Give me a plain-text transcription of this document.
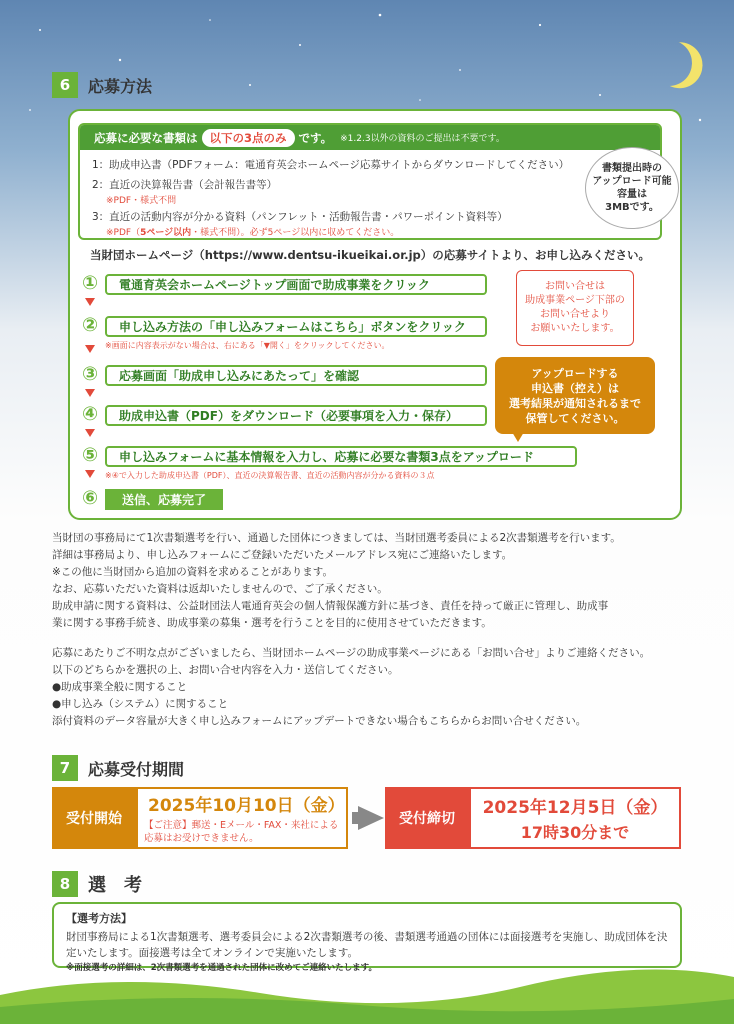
6	応募方法
応募に必要な書類は	以下の3点のみ	です。 ※1.2.3以外の資料のご提出は不要です。
1：助成申込書（PDFフォーム：電通育英会ホームページ応募サイトからダウンロードしてください）
2：直近の決算報告書（会計報告書等）
※PDF・様式不問
3：直近の活動内容が分かる資料（パンフレット・活動報告書・パワーポイント資料等）
※PDF（5ページ以内・様式不問）。必ず5ページ以内に収めてください。
書類提出時の
アップロード可能
容量は
3MBです。
当財団ホームページ（https://www.dentsu-ikueikai.or.jp）の応募サイトより、お申し込みください。
①	電通育英会ホームページトップ画面で助成事業をクリック
②	申し込み方法の「申し込みフォームはこちら」ボタンをクリック
※画面に内容表示がない場合は、右にある「▼開く」をクリックしてください。
③	応募画面「助成申し込みにあたって」を確認
④	助成申込書（PDF）をダウンロード（必要事項を入力・保存）
⑤	申し込みフォームに基本情報を入力し、応募に必要な書類3点をアップロード
※④で入力した助成申込書（PDF）、直近の決算報告書、直近の活動内容が分かる資料の３点
⑥	送信、応募完了
お問い合せは
助成事業ページ下部の
お問い合せより
お願いいたします。
アップロードする
申込書（控え）は
選考結果が通知されるまで
保管してください。
当財団の事務局にて1次書類選考を行い、通過した団体につきましては、当財団選考委員による2次書類選考を行います。
詳細は事務局より、申し込みフォームにご登録いただいたメールアドレス宛にご連絡いたします。
※この他に当財団から追加の資料を求めることがあります。
なお、応募いただいた資料は返却いたしませんので、ご了承ください。
助成申請に関する資料は、公益財団法人電通育英会の個人情報保護方針に基づき、責任を持って厳正に管理し、助成事
業に関する事務手続き、助成事業の募集・選考を行うことを目的に使用させていただきます。
応募にあたりご不明な点がございましたら、当財団ホームページの助成事業ページにある「お問い合せ」よりご連絡ください。
以下のどちらかを選択の上、お問い合せ内容を入力・送信してください。
●助成事業全般に関すること
●申し込み（システム）に関すること
添付資料のデータ容量が大きく申し込みフォームにアップデートできない場合もこちらからお問い合せください。
7	応募受付期間
受付開始
2025年10月10日（金）
【ご注意】郵送・Eメール・FAX・来社による
応募はお受けできません。
受付締切
2025年12月5日（金）
17時30分まで
8 選　考
【選考方法】
財団事務局による1次書類選考、選考委員会による2次書類選考の後、書類選考通過の団体には面接選考を実施し、助成団体を決定いたします。面接選考は全てオンラインで実施いたします。
※面接選考の詳細は、2次書類選考を通過された団体に改めてご連絡いたします。
